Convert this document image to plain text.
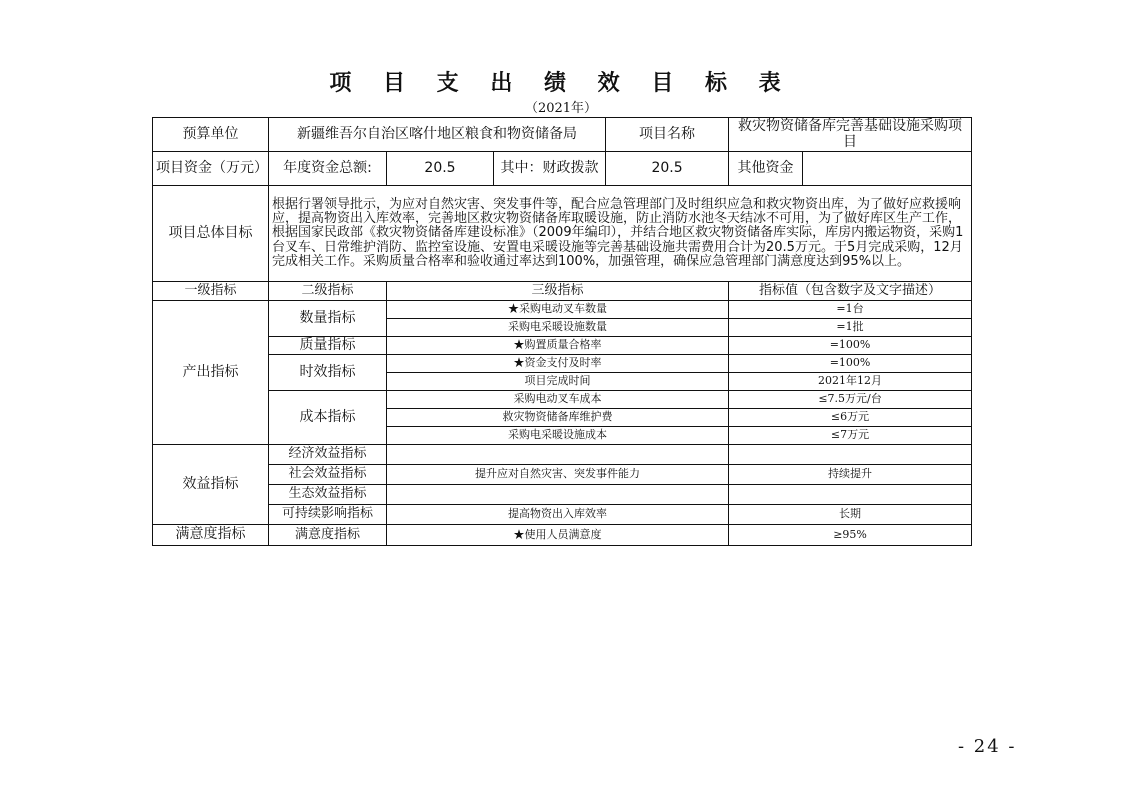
项 目 支 出 绩 效 目 标 表
（2021年）
预算单位	新疆维吾尔自治区喀什地区粮食和物资储备局			项目名称	救灾物资储备库完善基础设施采购项目	
项目资金（万元）	年度资金总额:	20.5	其中：财政拨款	20.5	其他资金	
项目总体目标	根据行署领导批示，为应对自然灾害、突发事件等，配合应急管理部门及时组织应急和救灾物资出库，为了做好应救援响应，提高物资出入库效率，完善地区救灾物资储备库取暖设施，防止消防水池冬天结冰不可用，为了做好库区生产工作，根据国家民政部《救灾物资储备库建设标准》（2009年编印），并结合地区救灾物资储备库实际，库房内搬运物资，采购1台叉车、日常维护消防、监控室设施、安置电采暖设施等完善基础设施共需费用合计为20.5万元。于5月完成采购，12月完成相关工作。采购质量合格率和验收通过率达到100%，加强管理，确保应急管理部门满意度达到95%以上。					
一级指标	二级指标	三级指标			指标值（包含数字及文字描述）	
产出指标	数量指标	★采购电动叉车数量			=1台	
		采购电采暖设施数量			=1批	
	质量指标	★购置质量合格率			=100%	
	时效指标	★资金支付及时率			=100%	
		项目完成时间			2021年12月	
	成本指标	采购电动叉车成本			≤7.5万元/台	
		救灾物资储备库维护费			≤6万元	
		采购电采暖设施成本			≤7万元	
效益指标	经济效益指标					
	社会效益指标	提升应对自然灾害、突发事件能力			持续提升	
	生态效益指标					
	可持续影响指标	提高物资出入库效率			长期	
满意度指标	满意度指标	★使用人员满意度			≥95%	
- 24 -
